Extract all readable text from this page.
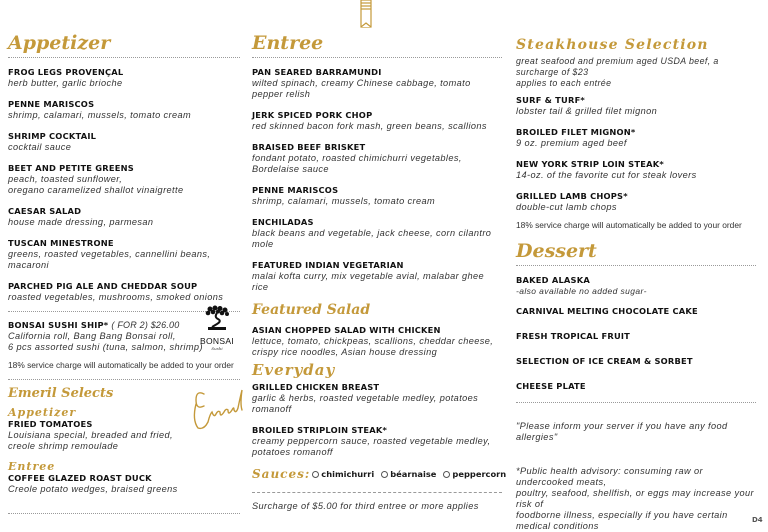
Appetizer
FROG LEGS PROVENÇAL
herb butter, garlic brioche
PENNE MARISCOS
shrimp, calamari, mussels, tomato cream
SHRIMP COCKTAIL
cocktail sauce
BEET AND PETITE GREENS
peach, toasted sunflower,
oregano caramelized shallot vinaigrette
CAESAR SALAD
house made dressing, parmesan
TUSCAN MINESTRONE
greens, roasted vegetables, cannellini beans, macaroni
PARCHED PIG ALE AND CHEDDAR SOUP
roasted vegetables, mushrooms, smoked onions
BONSAI SUSHI SHIP* ( FOR 2) $26.00
California roll, Bang Bang Bonsai roll,
6 pcs assorted sushi (tuna, salmon, shrimp)
18% service charge will automatically be added to your order
Emeril Selects
Appetizer
FRIED TOMATOES
Louisiana special, breaded and fried,
creole shrimp remoulade
Entree
COFFEE GLAZED ROAST DUCK
Creole potato wedges, braised greens
BONSAI
Sushi
Entree
PAN SEARED BARRAMUNDI
wilted spinach, creamy Chinese cabbage, tomato pepper relish
JERK SPICED PORK CHOP
red skinned bacon fork mash, green beans, scallions
BRAISED BEEF BRISKET
fondant potato, roasted chimichurri vegetables,
Bordelaise sauce
PENNE MARISCOS
shrimp, calamari, mussels, tomato cream
ENCHILADAS
black beans and vegetable, jack cheese, corn cilantro mole
FEATURED INDIAN VEGETARIAN
malai kofta curry, mix vegetable avial, malabar ghee rice
Featured Salad
ASIAN CHOPPED SALAD WITH CHICKEN
lettuce, tomato, chickpeas, scallions, cheddar cheese,
crispy rice noodles, Asian house dressing
Everyday
GRILLED CHICKEN BREAST
garlic & herbs, roasted vegetable medley, potatoes romanoff
BROILED STRIPLOIN STEAK*
creamy peppercorn sauce, roasted vegetable medley,
potatoes romanoff
Sauces: chimichurri béarnaise peppercorn
Surcharge of $5.00 for third entree or more applies
Steakhouse Selection
great seafood and premium aged USDA beef, a surcharge of $23
applies to each entrée
SURF & TURF*
lobster tail & grilled filet mignon
BROILED FILET MIGNON*
9 oz. premium aged beef
NEW YORK STRIP LOIN STEAK*
14-oz. of the favorite cut for steak lovers
GRILLED LAMB CHOPS*
double-cut lamb chops
18% service charge will automatically be added to your order
Dessert
BAKED ALASKA
-also available no added sugar-
CARNIVAL MELTING CHOCOLATE CAKE
FRESH TROPICAL FRUIT
SELECTION OF ICE CREAM & SORBET
CHEESE PLATE
"Please inform your server if you have any food allergies"
*Public health advisory: consuming raw or undercooked meats,
poultry, seafood, shellfish, or eggs may increase your risk of
foodborne illness, especially if you have certain medical conditions
D4
